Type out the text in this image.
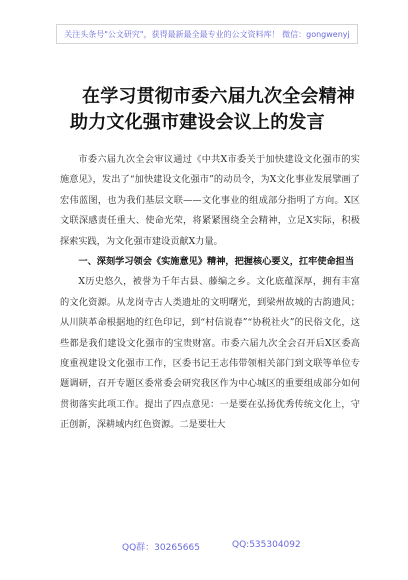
关注头条号"公文研究"，获得最新最全最专业的公文资料库！ 微信：gongwenyj
在学习贯彻市委六届九次全会精神
助力文化强市建设会议上的发言

市委六届九次全会审议通过《中共X市委关于加快建设文化强市的实施意见》，发出了“加快建设文化强市”的动员令，为X文化事业发展擘画了宏伟蓝图，也为我们基层文联——文化事业的组成部分指明了方向。X区文联深感责任重大、使命光荣，将紧紧围绕全会精神，立足X实际，积极探索实践，为文化强市建设贡献X力量。

一、深刻学习领会《实施意见》精神，把握核心要义，扛牢使命担当

X历史悠久，被誉为千年古县、藤编之乡。文化底蕴深厚，拥有丰富的文化资源。从龙岗寺古人类遗址的文明曙光，到梁州故城的古韵遗风；从川陕革命根据地的红色印记，到“村信说春”“协税社火”的民俗文化，这些都是我们建设文化强市的宝贵财富。市委六届九次全会召开后X区委高度重视建设文化强市工作，区委书记王志伟带领相关部门到文联等单位专题调研，召开专题区委常委会研究我区作为中心城区的重要组成部分如何贯彻落实此项工作。提出了四点意见：一是要在弘扬优秀传统文化上，守正创新，深耕域内红色资源。二是要壮大

QQ群：30265665	QQ:535304092
